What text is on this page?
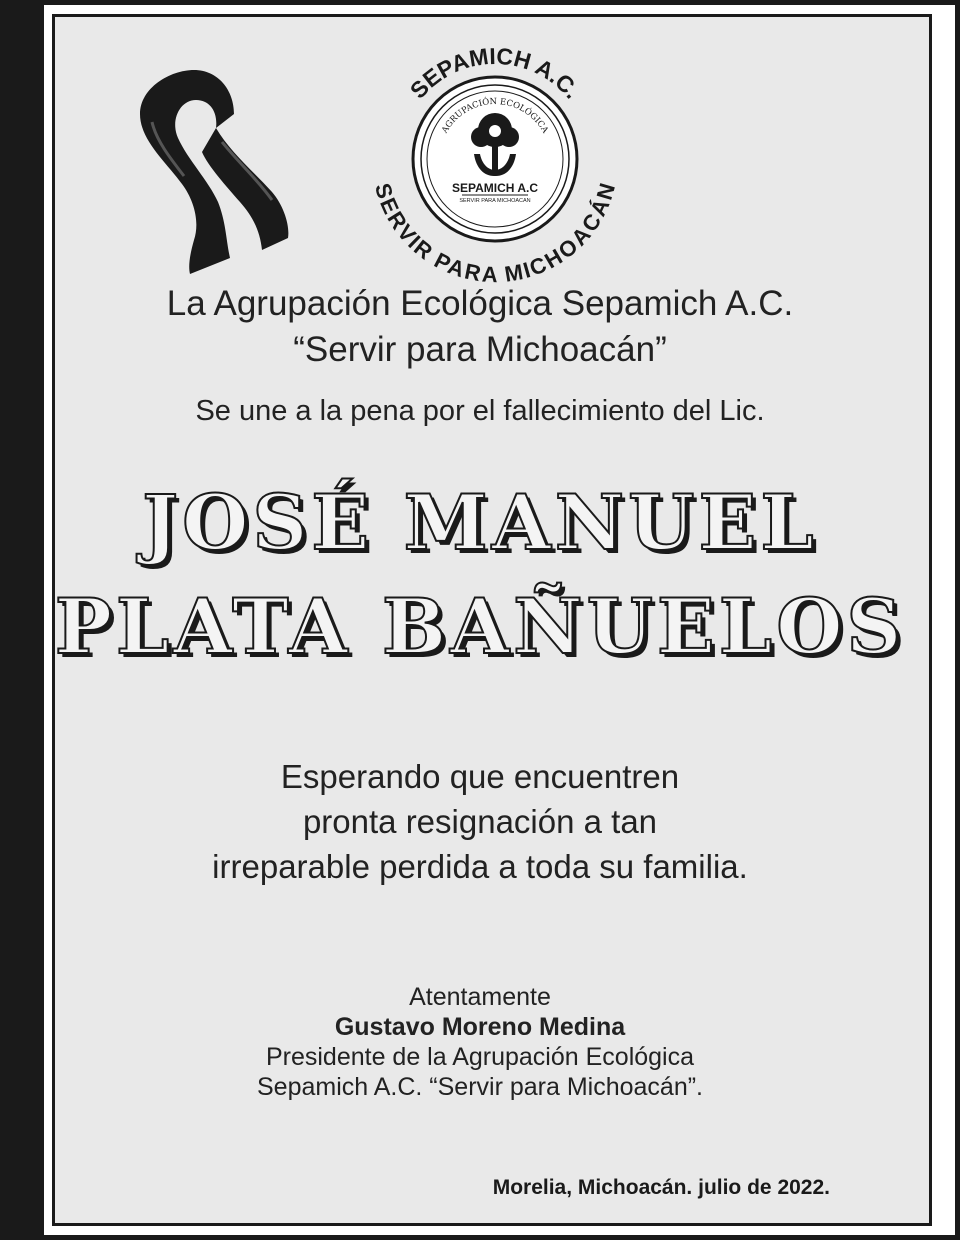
SEPAMICH A.C.
SERVIR PARA MICHOACÁN
AGRUPACIÓN ECOLÓGICA
SEPAMICH A.C
SERVIR PARA MICHOACAN
La Agrupación Ecológica Sepamich A.C.
“Servir para Michoacán”
Se une a la pena por el fallecimiento del Lic.
JOSÉ MANUEL
PLATA BAÑUELOS
Esperando que encuentren
pronta resignación a tan
irreparable perdida a toda su familia.
Atentamente
Gustavo Moreno Medina
Presidente de la Agrupación Ecológica
Sepamich A.C. “Servir para Michoacán”.
Morelia, Michoacán. julio de 2022.
